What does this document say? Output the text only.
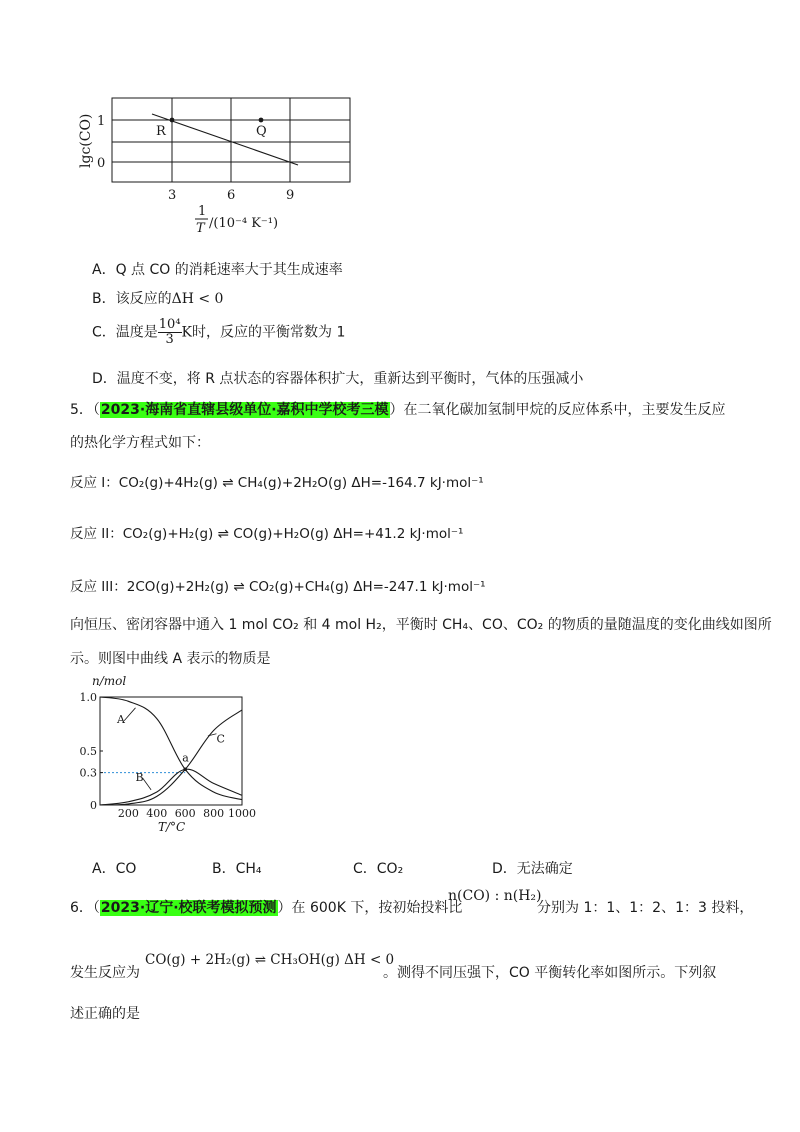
R	Q
1
0
lgc(CO)
3	6	9
1
T /(10⁻⁴ K⁻¹)
A．Q 点 CO 的消耗速率大于其生成速率
B．该反应的ΔH < 0
C．温度是 $\frac{\text{10⁴}}{3}$ K时，反应的平衡常数为 1
D．温度不变，将 R 点状态的容器体积扩大，重新达到平衡时，气体的压强减小
5．（2023·海南省直辖县级单位·嘉积中学校考三模）在二氧化碳加氢制甲烷的反应体系中，主要发生反应
的热化学方程式如下：
反应 I：CO₂(g)+4H₂(g) ⇌ CH₄(g)+2H₂O(g) ΔH=-164.7 kJ·mol⁻¹
反应 II：CO₂(g)+H₂(g) ⇌ CO(g)+H₂O(g) ΔH=+41.2 kJ·mol⁻¹
反应 III：2CO(g)+2H₂(g) ⇌ CO₂(g)+CH₄(g) ΔH=-247.1 kJ·mol⁻¹
向恒压、密闭容器中通入 1 mol CO₂ 和 4 mol H₂，平衡时 CH₄、CO、CO₂ 的物质的量随温度的变化曲线如图所
示。则图中曲线 A 表示的物质是
n/mol
a
A
B
C
1.0
0.5
0.3
0
200 400 600 800 1000
T/°C
A．CO	B．CH₄	C．CO₂	D．无法确定
6．（2023·辽宁·校联考模拟预测）在 600K 下，按初始投料比
n(CO) : n(H₂)
分别为 1：1、1：2、1：3 投料，
发生反应为
CO(g) + 2H₂(g) ⇌ CH₃OH(g) ΔH < 0
。测得不同压强下，CO 平衡转化率如图所示。下列叙
述正确的是
